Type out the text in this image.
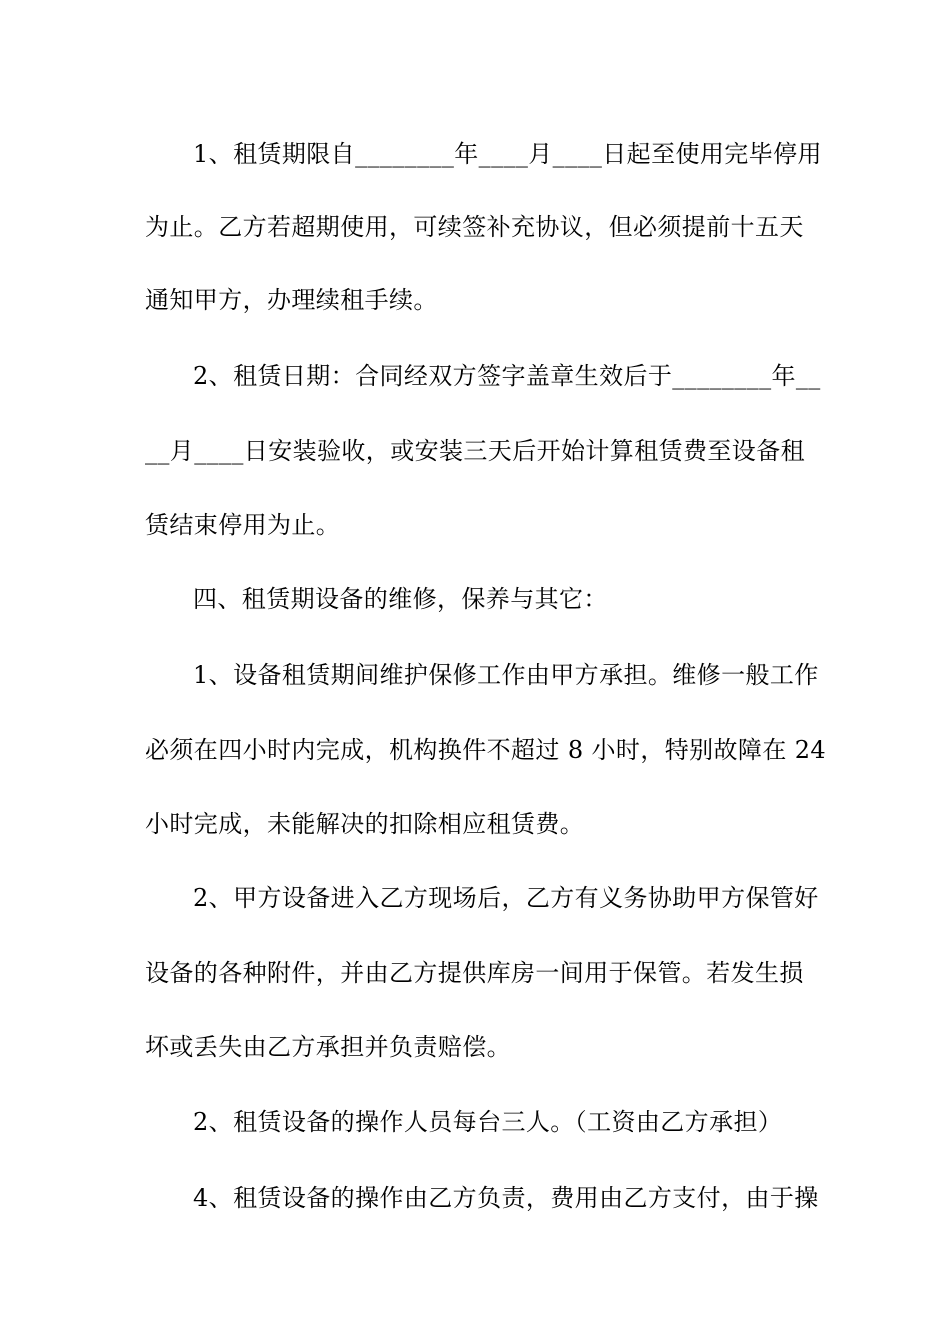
1、租赁期限自________年____月____日起至使用完毕停用
为止。乙方若超期使用，可续签补充协议，但必须提前十五天
通知甲方，办理续租手续。
2、租赁日期：合同经双方签字盖章生效后于________年__
__月____日安装验收，或安装三天后开始计算租赁费至设备租
赁结束停用为止。
四、租赁期设备的维修，保养与其它：
1、设备租赁期间维护保修工作由甲方承担。维修一般工作
必须在四小时内完成，机构换件不超过 8 小时，特别故障在 24
小时完成，未能解决的扣除相应租赁费。
2、甲方设备进入乙方现场后，乙方有义务协助甲方保管好
设备的各种附件，并由乙方提供库房一间用于保管。若发生损
坏或丢失由乙方承担并负责赔偿。
2、租赁设备的操作人员每台三人。（工资由乙方承担）
4、租赁设备的操作由乙方负责，费用由乙方支付，由于操
